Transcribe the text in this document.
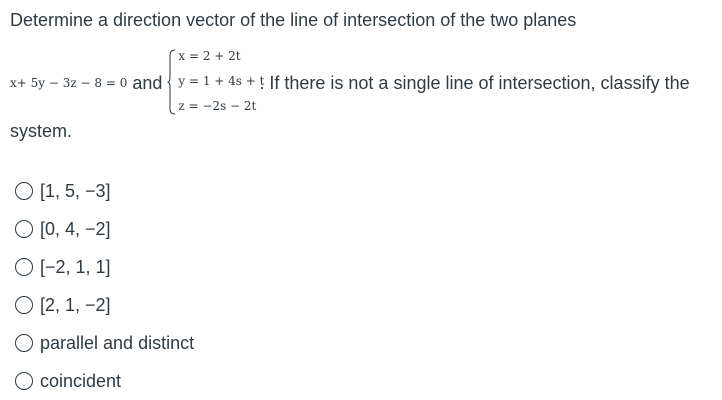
Determine a direction vector of the line of intersection of the two planes
x+ 5y − 3z − 8 = 0 and
x = 2 + 2t
y = 1 + 4s + t
z = −2s − 2t
. If there is not a single line of intersection, classify the
system.
[1, 5, −3]
[0, 4, −2]
[−2, 1, 1]
[2, 1, −2]
parallel and distinct
coincident
